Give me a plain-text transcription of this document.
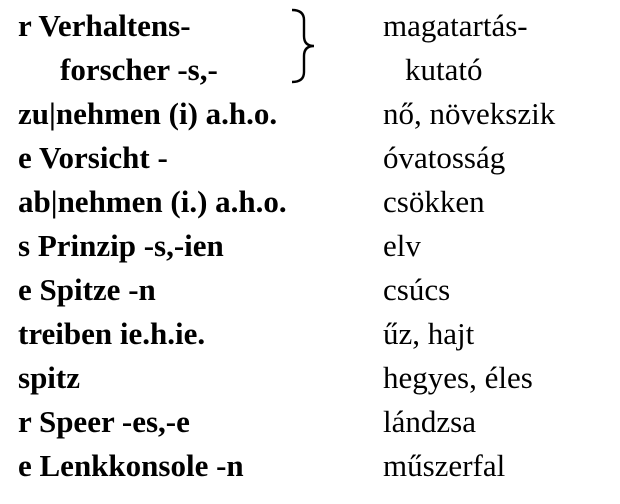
r Verhaltens-	magatartás-
forscher -s,-	kutató
zu|nehmen (i) a.h.o.	nő, növekszik
e Vorsicht -	óvatosság
ab|nehmen (i.) a.h.o.	csökken
s Prinzip -s,-ien	elv
e Spitze -n	csúcs
treiben ie.h.ie.	űz, hajt
spitz	hegyes, éles
r Speer -es,-e	lándzsa
e Lenkkonsole -n	műszerfal
